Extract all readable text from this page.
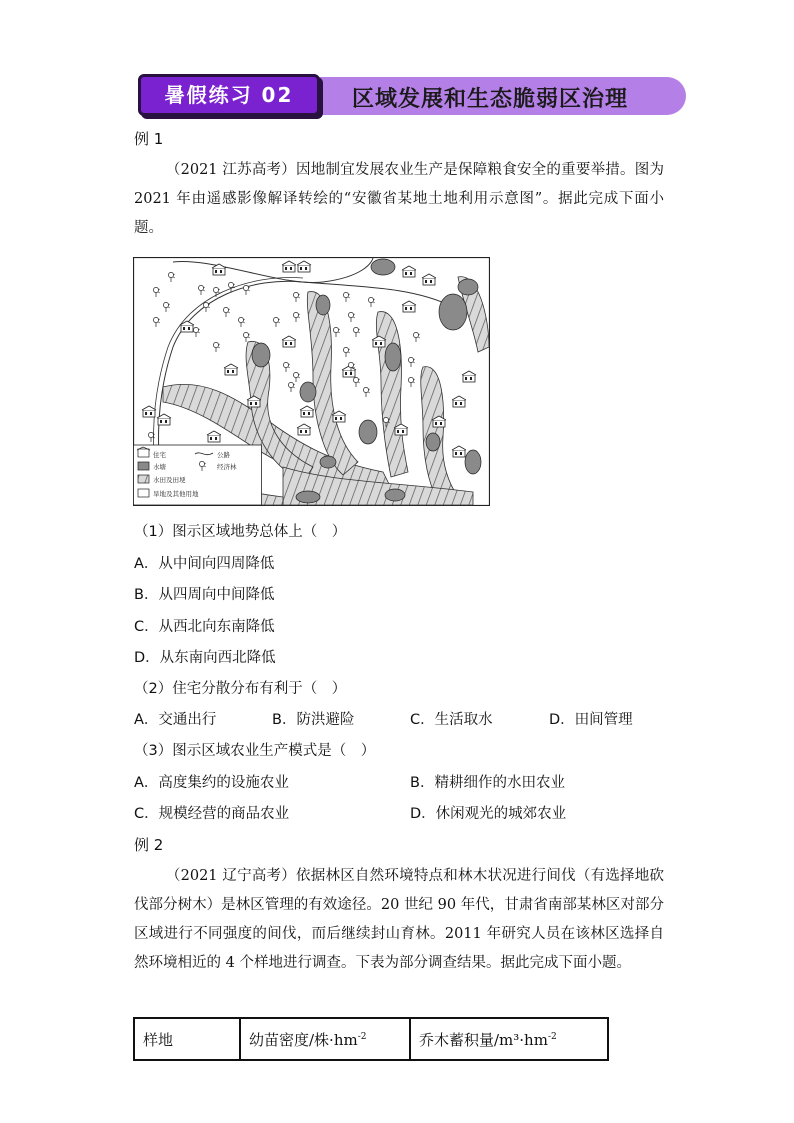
暑假练习 02	区域发展和生态脆弱区治理
例 1
（2021 江苏高考）因地制宜发展农业生产是保障粮食安全的重要举措。图为 2021 年由遥感影像解译转绘的“安徽省某地土地利用示意图”。据此完成下面小题。
住宅	公路
水塘	经济林
水田及田埂
旱地及其他用地
（1）图示区域地势总体上（　）
A．从中间向四周降低
B．从四周向中间降低
C．从西北向东南降低
D．从东南向西北降低
（2）住宅分散分布有利于（　）
A．交通出行	B．防洪避险	C．生活取水	D．田间管理
（3）图示区域农业生产模式是（　）
A．高度集约的设施农业	B．精耕细作的水田农业
C．规模经营的商品农业	D．休闲观光的城郊农业
例 2
（2021 辽宁高考）依据林区自然环境特点和林木状况进行间伐（有选择地砍伐部分树木）是林区管理的有效途径。20 世纪 90 年代，甘肃省南部某林区对部分区域进行不同强度的间伐，而后继续封山育林。2011 年研究人员在该林区选择自然环境相近的 4 个样地进行调查。下表为部分调查结果。据此完成下面小题。
样地	幼苗密度/株$\cdot hm^{-2}$	乔木蓄积量$/m^3\cdot hm^{-2}$
